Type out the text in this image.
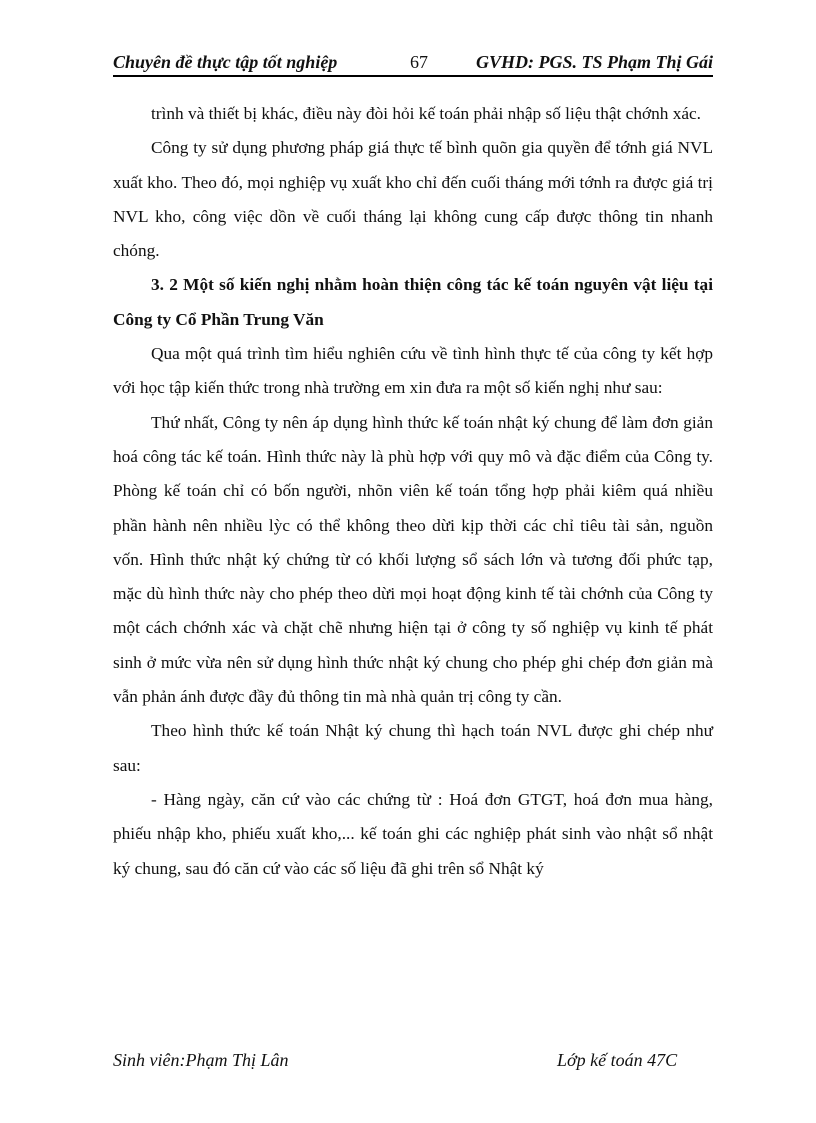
Chuyên đề thực tập tốt nghiệp	67	GVHD: PGS. TS Phạm Thị Gái

trình và thiết bị khác, điều này đòi hỏi kế toán phải nhập số liệu thật chớnh xác.

Công ty sử dụng phương pháp giá thực tế bình quõn gia quyền để tớnh giá NVL xuất kho. Theo đó, mọi nghiệp vụ xuất kho chỉ đến cuối tháng mới tớnh ra được giá trị NVL kho, công việc dồn về cuối tháng lại không cung cấp được thông tin nhanh chóng.

3. 2 Một số kiến nghị nhằm hoàn thiện công tác kế toán nguyên vật liệu tại Công ty Cổ Phần Trung Văn

Qua một quá trình tìm hiểu nghiên cứu về tình hình thực tế của công ty kết hợp với học tập kiến thức trong nhà trường em xin đưa ra một số kiến nghị như sau:

Thứ nhất, Công ty nên áp dụng hình thức kế toán nhật ký chung để làm đơn giản hoá công tác kế toán. Hình thức này là phù hợp với quy mô và đặc điểm của Công ty. Phòng kế toán chỉ có bốn người, nhõn viên kế toán tổng hợp phải kiêm quá nhiều phần hành nên nhiều lỳc có thể không theo dừi kịp thời các chỉ tiêu tài sản, nguồn vốn. Hình thức nhật ký chứng từ có khối lượng sổ sách lớn và tương đối phức tạp, mặc dù hình thức này cho phép theo dừi mọi hoạt động kinh tế tài chớnh của Công ty một cách chớnh xác và chặt chẽ nhưng hiện tại ở công ty số nghiệp vụ kinh tế phát sinh ở mức vừa nên sử dụng hình thức nhật ký chung cho phép ghi chép đơn giản mà vẫn phản ánh được đầy đủ thông tin mà nhà quản trị công ty cần.

Theo hình thức kế toán Nhật ký chung thì hạch toán NVL được ghi chép như sau:

- Hàng ngày, căn cứ vào các chứng từ : Hoá đơn GTGT, hoá đơn mua hàng, phiếu nhập kho, phiếu xuất kho,... kế toán ghi các nghiệp phát sinh vào nhật sổ nhật ký chung, sau đó căn cứ vào các số liệu đã ghi trên sổ Nhật ký

Sinh viên:Phạm Thị Lân	Lớp kế toán 47C
